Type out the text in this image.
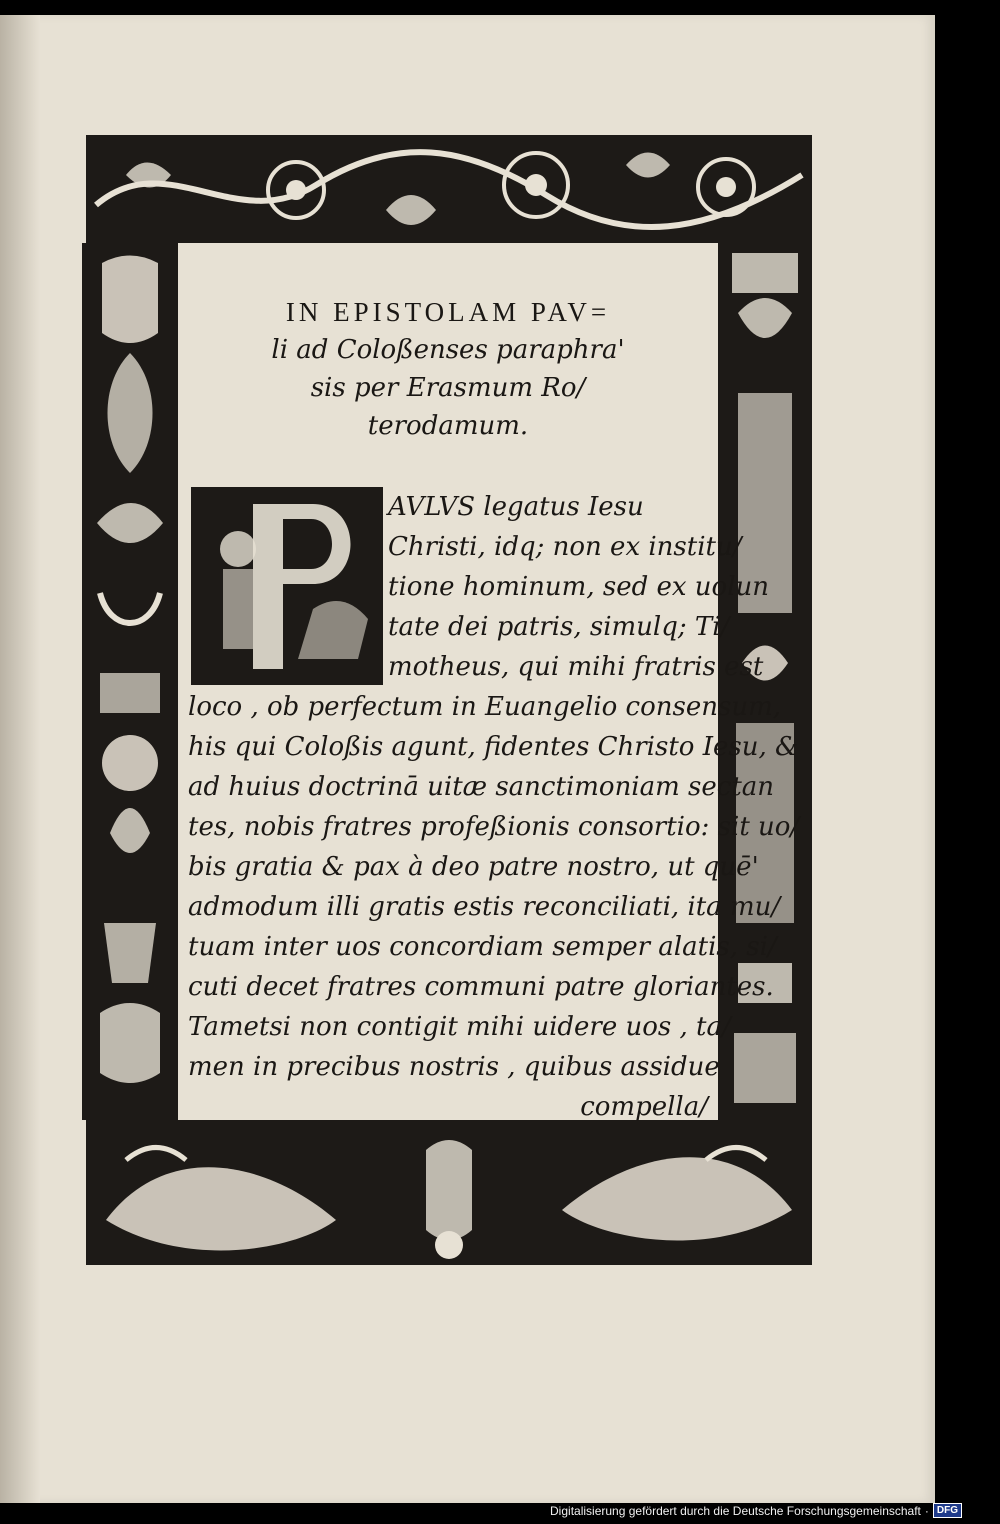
IN EPISTOLAM PAV=
li ad Coloßenses paraphra'
sis per Erasmum Ro/
terodamum.
AVLVS legatus Iesu
Christi, idq; non ex institu/
tione hominum, sed ex uolun
tate dei patris, simulq; Ti/
motheus, qui mihi fratris est
loco , ob perfectum in Euangelio consensum,
his qui Coloßis agunt, fidentes Christo Iesu, &
ad huius doctrinā uitæ sanctimoniam sectan
tes, nobis fratres profeßionis consortio: sit uo/
bis gratia & pax à deo patre nostro, ut quē'
admodum illi gratis estis reconciliati, ita mu/
tuam inter uos concordiam semper alatis, si/
cuti decet fratres communi patre gloriantes.
Tametsi non contigit mihi uidere uos , ta/
men in precibus nostris , quibus assidue
compella/
Digitalisierung gefördert durch die Deutsche Forschungsgemeinschaft · DFG
